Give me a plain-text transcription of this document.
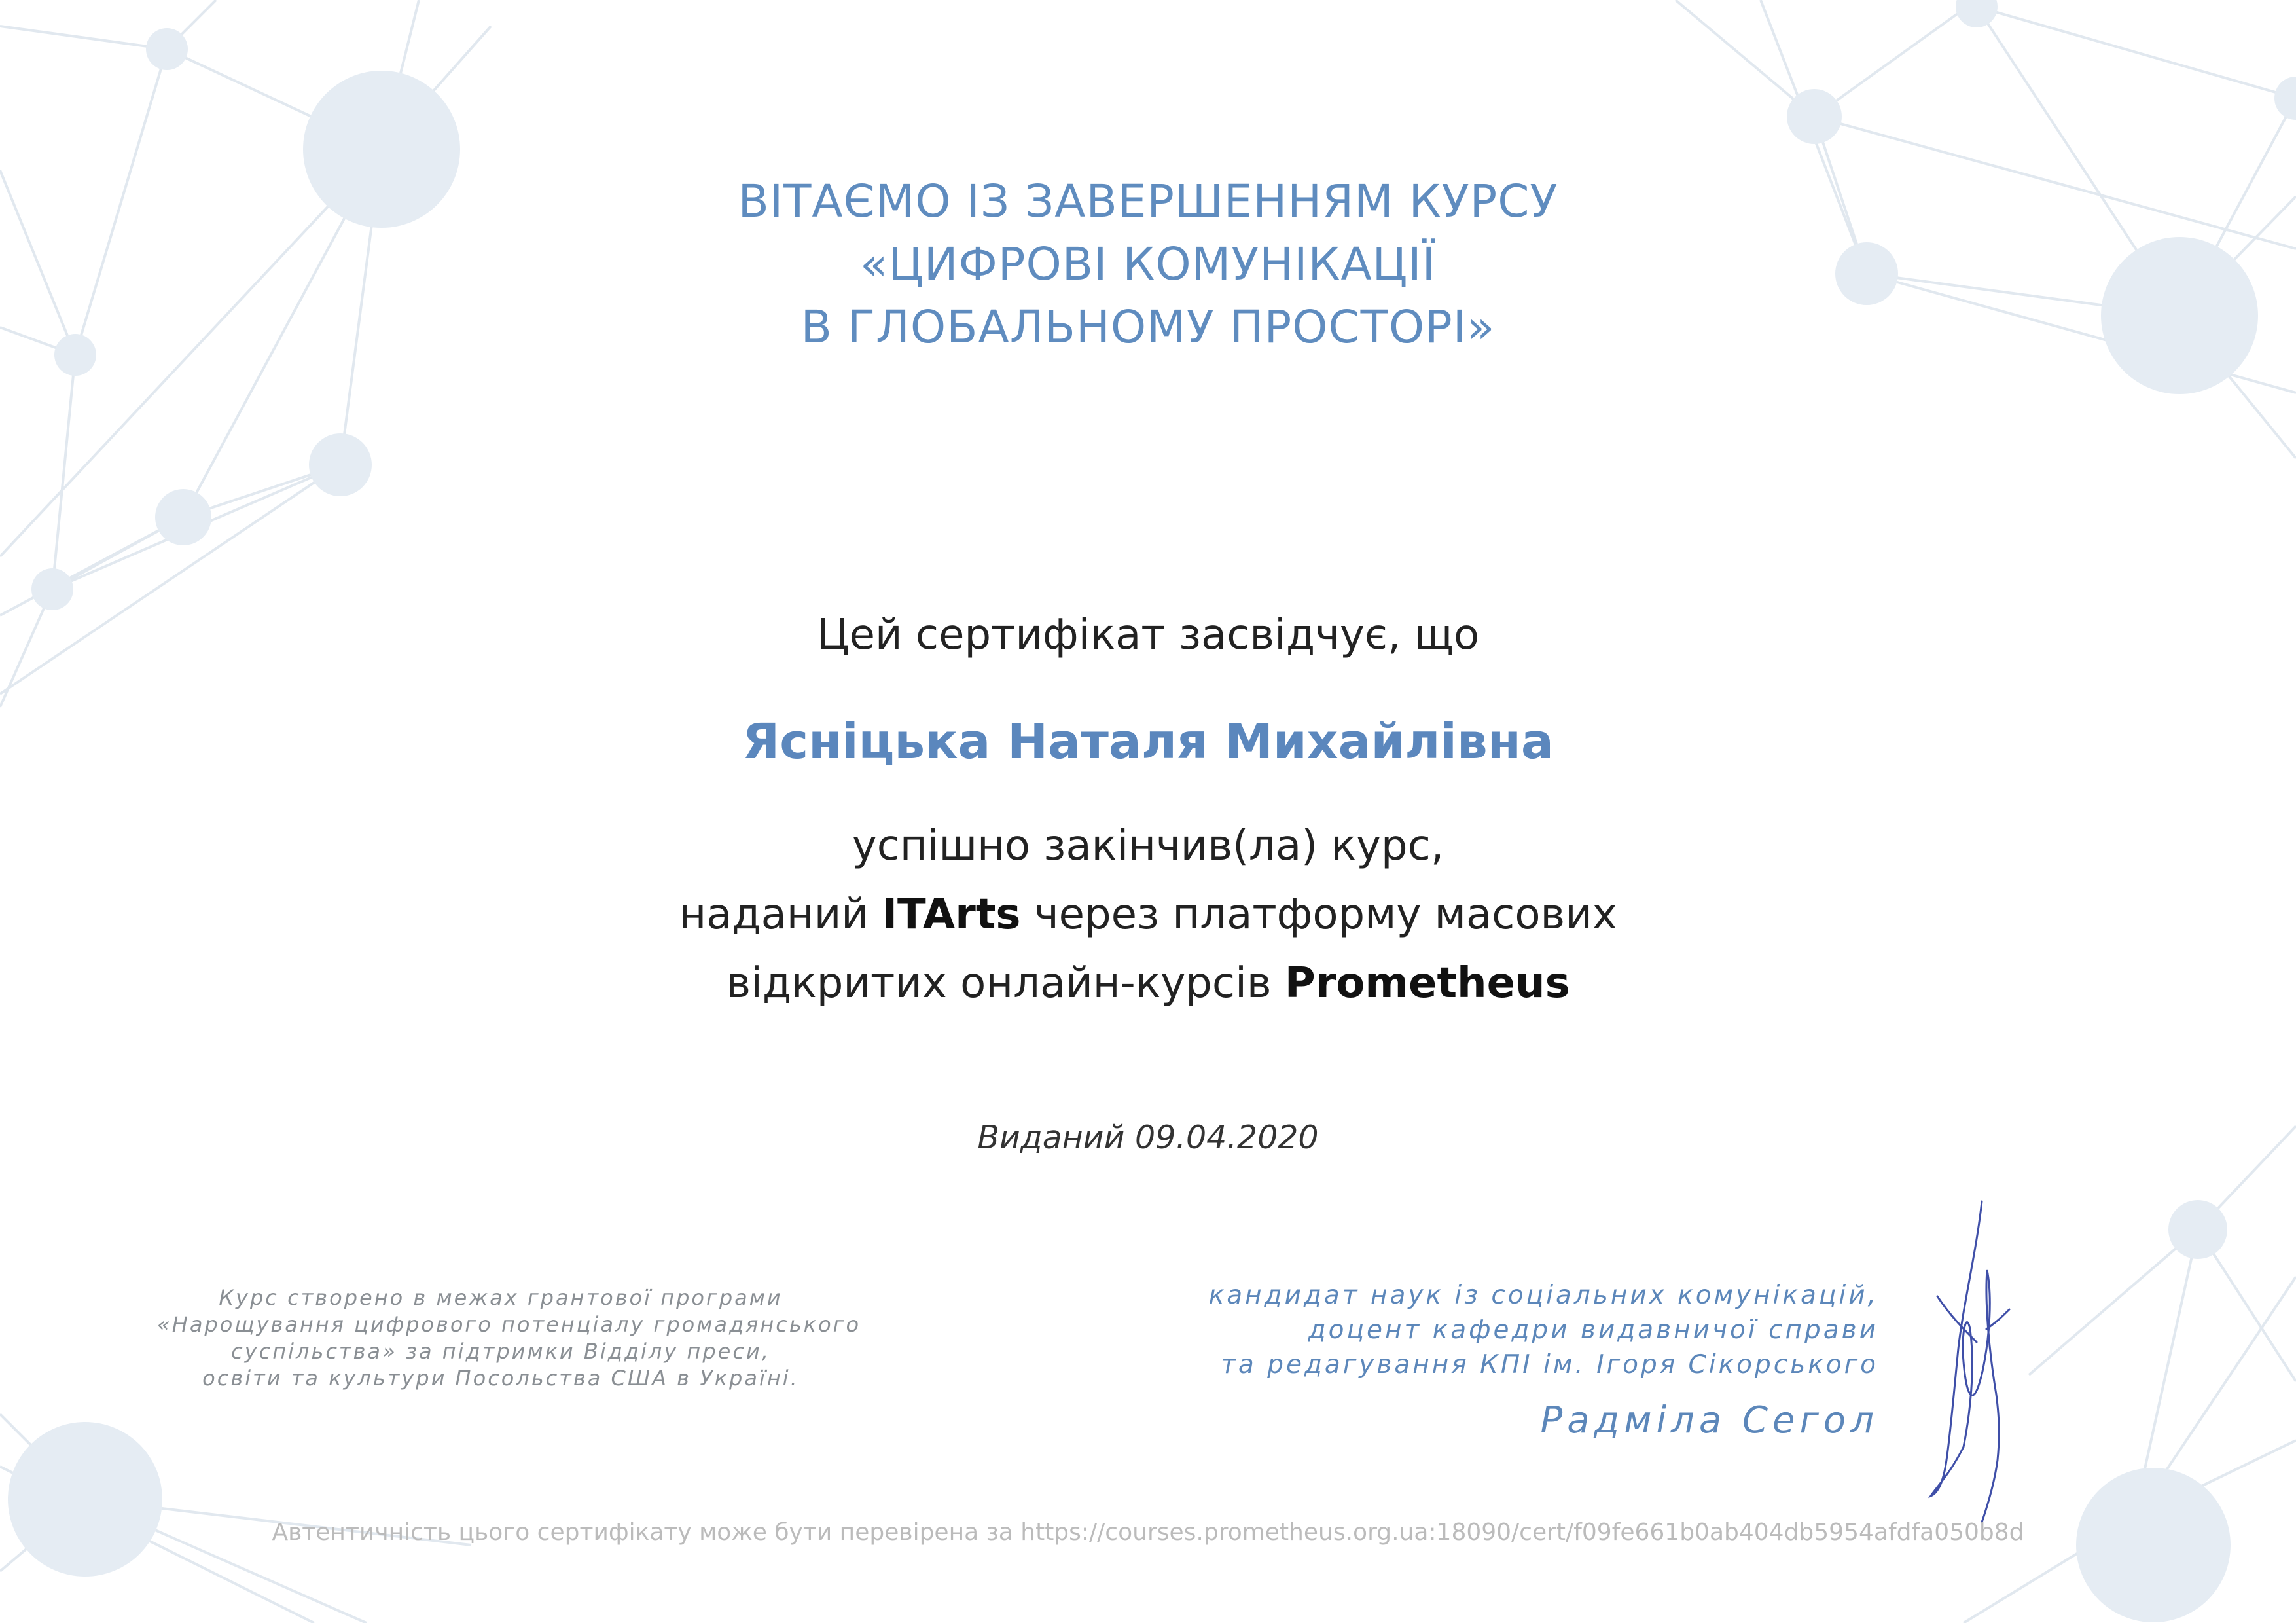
ВІТАЄМО ІЗ ЗАВЕРШЕННЯМ КУРСУ
«ЦИФРОВІ КОМУНІКАЦІЇ
В ГЛОБАЛЬНОМУ ПРОСТОРІ»
Цей сертифікат засвідчує, що
Ясніцька Наталя Михайлівна
успішно закінчив(ла) курс,
наданий ITArts через платформу масових
відкритих онлайн-курсів Prometheus
Виданий 09.04.2020
Курс створено в межах грантової програми
«Нарощування цифрового потенціалу громадянського
суспільства» за підтримки Відділу преси,
освіти та культури Посольства США в Україні.
кандидат наук із соціальних комунікацій,
доцент кафедри видавничої справи
та редагування КПІ ім. Ігоря Сікорського
Радміла Сегол
Автентичність цього сертифікату може бути перевірена за https://courses.prometheus.org.ua:18090/cert/f09fe661b0ab404db5954afdfa050b8d
